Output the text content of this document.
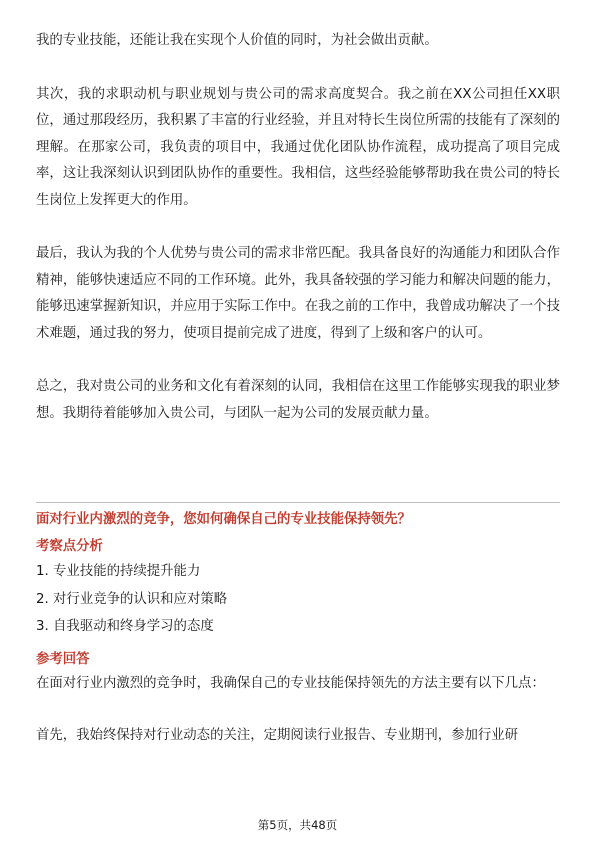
我的专业技能，还能让我在实现个人价值的同时，为社会做出贡献。

其次，我的求职动机与职业规划与贵公司的需求高度契合。我之前在XX公司担任XX职位，通过那段经历，我积累了丰富的行业经验，并且对特长生岗位所需的技能有了深刻的理解。在那家公司，我负责的项目中，我通过优化团队协作流程，成功提高了项目完成率，这让我深刻认识到团队协作的重要性。我相信，这些经验能够帮助我在贵公司的特长生岗位上发挥更大的作用。

最后，我认为我的个人优势与贵公司的需求非常匹配。我具备良好的沟通能力和团队合作精神，能够快速适应不同的工作环境。此外，我具备较强的学习能力和解决问题的能力，能够迅速掌握新知识，并应用于实际工作中。在我之前的工作中，我曾成功解决了一个技术难题，通过我的努力，使项目提前完成了进度，得到了上级和客户的认可。

总之，我对贵公司的业务和文化有着深刻的认同，我相信在这里工作能够实现我的职业梦想。我期待着能够加入贵公司，与团队一起为公司的发展贡献力量。

面对行业内激烈的竞争，您如何确保自己的专业技能保持领先？

考察点分析

1. 专业技能的持续提升能力

2. 对行业竞争的认识和应对策略

3. 自我驱动和终身学习的态度

参考回答

在面对行业内激烈的竞争时，我确保自己的专业技能保持领先的方法主要有以下几点：

首先，我始终保持对行业动态的关注，定期阅读行业报告、专业期刊，参加行业研

第5页，共48页
